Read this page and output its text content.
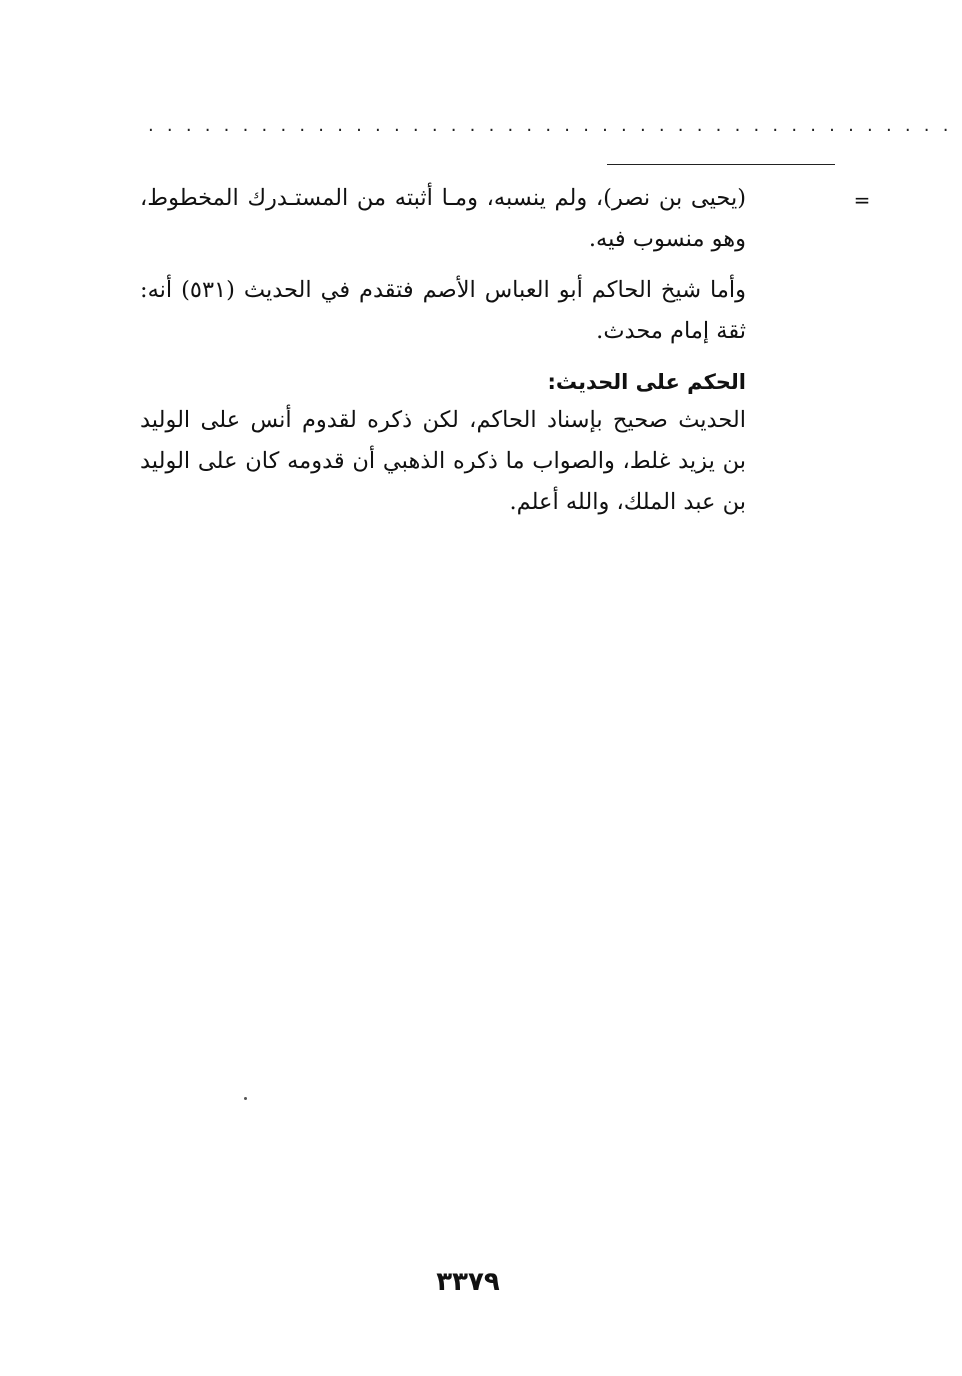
...........................................
=

(يحيى بن نصر)، ولم ينسبه، ومـا أثبته من المستـدرك المخطوط، وهو منسوب فيه.

وأما شيخ الحاكم أبو العباس الأصم فتقدم في الحديث (٥٣١) أنه: ثقة إمام محدث.

الحكم على الحديث:

الحديث صحيح بإسناد الحاكم، لكن ذكره لقدوم أنس على الوليد بن يزيد غلط، والصواب ما ذكره الذهبي أن قدومه كان على الوليد بن عبد الملك، والله أعلم.

٣٣٧٩
